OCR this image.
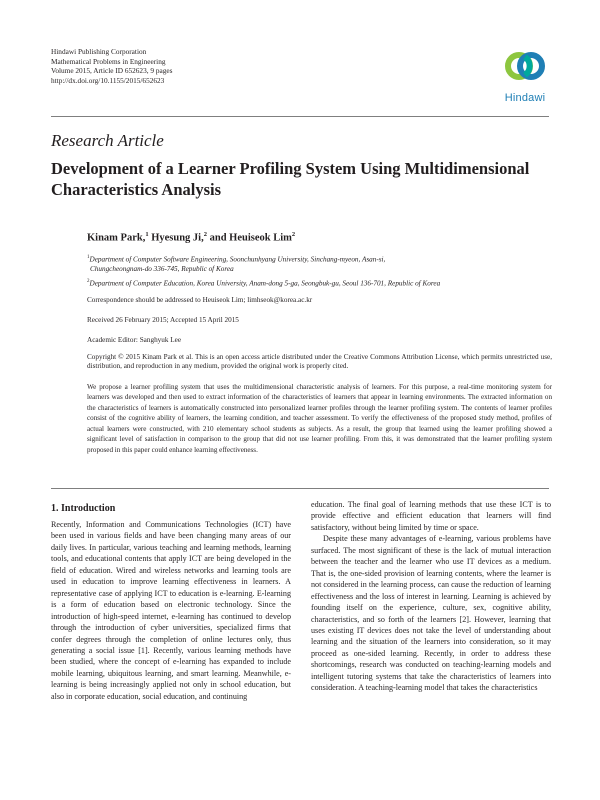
Hindawi Publishing Corporation
Mathematical Problems in Engineering
Volume 2015, Article ID 652623, 9 pages
http://dx.doi.org/10.1155/2015/652623
Hindawi
Research Article
Development of a Learner Profiling System Using Multidimensional Characteristics Analysis
Kinam Park,$^1$ Hyesung Ji,$^2$ and Heuiseok Lim$^2$
$^1$Department of Computer Software Engineering, Soonchunhyang University, Sinchang-myeon, Asan-si,
Chungcheongnam-do 336-745, Republic of Korea
$^2$Department of Computer Education, Korea University, Anam-dong 5-ga, Seongbuk-gu, Seoul 136-701, Republic of Korea
Correspondence should be addressed to Heuiseok Lim; limhseok@korea.ac.kr
Received 26 February 2015; Accepted 15 April 2015
Academic Editor: Sanghyuk Lee
Copyright © 2015 Kinam Park et al. This is an open access article distributed under the Creative Commons Attribution License, which permits unrestricted use, distribution, and reproduction in any medium, provided the original work is properly cited.
We propose a learner profiling system that uses the multidimensional characteristic analysis of learners. For this purpose, a real-time monitoring system for learners was developed and then used to extract information of the characteristics of learners that appear in learning environments. The extracted information on the characteristics of learners is automatically constructed into personalized learner profiles through the learner profiling system. The contents of learner profiles consist of the cognitive ability of learners, the learning condition, and teacher assessment. To verify the effectiveness of the proposed study method, profiles of actual learners were constructed, with 210 elementary school students as subjects. As a result, the group that learned using the learner profiling showed a significant level of satisfaction in comparison to the group that did not use learner profiling. From this, it was demonstrated that the learner profiling system proposed in this paper could enhance learning effectiveness.
1. Introduction

Recently, Information and Communications Technologies (ICT) have been used in various fields and have been changing many areas of our daily lives. In particular, various teaching and learning methods, learning tools, and educational contents that apply ICT are being developed in the field of education. Wired and wireless networks and learning tools are used in education to improve learning effectiveness in learners. A representative case of applying ICT to education is e-learning. E-learning is a form of education based on electronic technology. Since the introduction of high-speed internet, e-learning has continued to develop through the introduction of cyber universities, specialized firms that confer degrees through the completion of online lectures only, thus generating a social issue [1]. Recently, various learning methods have been studied, where the concept of e-learning has expanded to include mobile learning, ubiquitous learning, and smart learning. Meanwhile, e-learning is being increasingly applied not only in school education, but also in corporate education, social education, and continuing

education. The final goal of learning methods that use these ICT is to provide effective and efficient education that learners will find satisfactory, without being limited by time or space.

Despite these many advantages of e-learning, various problems have surfaced. The most significant of these is the lack of mutual interaction between the teacher and the learner who use IT devices as a medium. That is, the one-sided provision of learning contents, where the learner is not considered in the learning process, can cause the reduction of learning effectiveness and the loss of interest in learning. Learning is achieved by founding itself on the experience, culture, sex, cognitive ability, characteristics, and so forth of the learners [2]. However, learning that uses existing IT devices does not take the level of understanding about learning and the situation of the learners into consideration, so it may proceed as one-sided learning. Recently, in order to address these shortcomings, research was conducted on teaching-learning models and intelligent tutoring systems that take the characteristics of learners into consideration. A teaching-learning model that takes the characteristics
